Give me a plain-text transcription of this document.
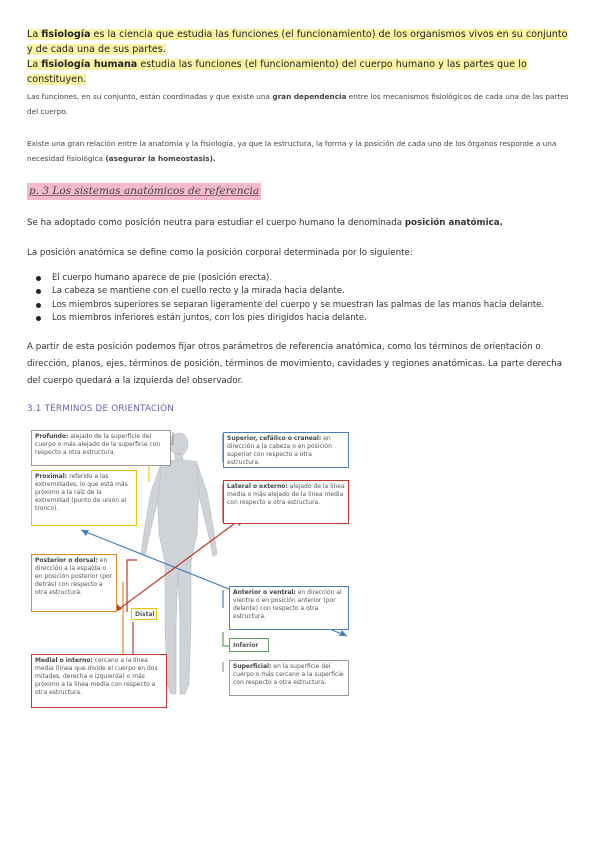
La fisiología es la ciencia que estudia las funciones (el funcionamiento) de los organismos vivos en su conjunto y de cada una de sus partes.
La fisiología humana estudia las funciones (el funcionamiento) del cuerpo humano y las partes que lo constituyen.
Las funciones, en su conjunto, están coordinadas y que existe una gran dependencia entre los mecanismos fisiológicos de cada una de las partes del cuerpo.
Existe una gran relación entre la anatomía y la fisiología, ya que la estructura, la forma y la posición de cada uno de los órganos responde a una necesidad fisiológica (asegurar la homeostasis).
p. 3 Los sistemas anatómicos de referencia
Se ha adoptado como posición neutra para estudiar el cuerpo humano la denominada posición anatómica.
La posición anatómica se define como la posición corporal determinada por lo siguiente:
El cuerpo humano aparece de pie (posición erecta).
La cabeza se mantiene con el cuello recto y la mirada hacia delante.
Los miembros superiores se separan ligeramente del cuerpo y se muestran las palmas de las manos hacia delante.
Los miembros inferiores están juntos, con los pies dirigidos hacia delante.
A partir de esta posición podemos fijar otros parámetros de referencia anatómica, como los términos de orientación o dirección, planos, ejes, términos de posición, términos de movimiento, cavidades y regiones anatómicas. La parte derecha del cuerpo quedará a la izquierda del observador.
3.1 TÉRMINOS DE ORIENTACIÓN
Profundo: alejado de la superficie del cuerpo o más alejado de la superficie con respecto a otra estructura.
Proximal: referido a las extremidades, lo que está más próximo a la raíz de la extremidad (punto de unión al tronco).
Posterior o dorsal: en dirección a la espalda o en posición posterior (por detrás) con respecto a otra estructura.
Distal
Medial o interno: cercano a la línea media (línea que divide el cuerpo en dos mitades, derecha e izquierda) o más próximo a la línea media con respecto a otra estructura.
Superior, cefálico o craneal: en dirección a la cabeza o en posición superior con respecto a otra estructura.
Lateral o externo: alejado de la línea media o más alejado de la línea media con respecto a otra estructura.
Anterior o ventral: en dirección al vientre o en posición anterior (por delante) con respecto a otra estructura.
Inferior
Superficial: en la superficie del cuerpo o más cercano a la superficie con respecto a otra estructura.
